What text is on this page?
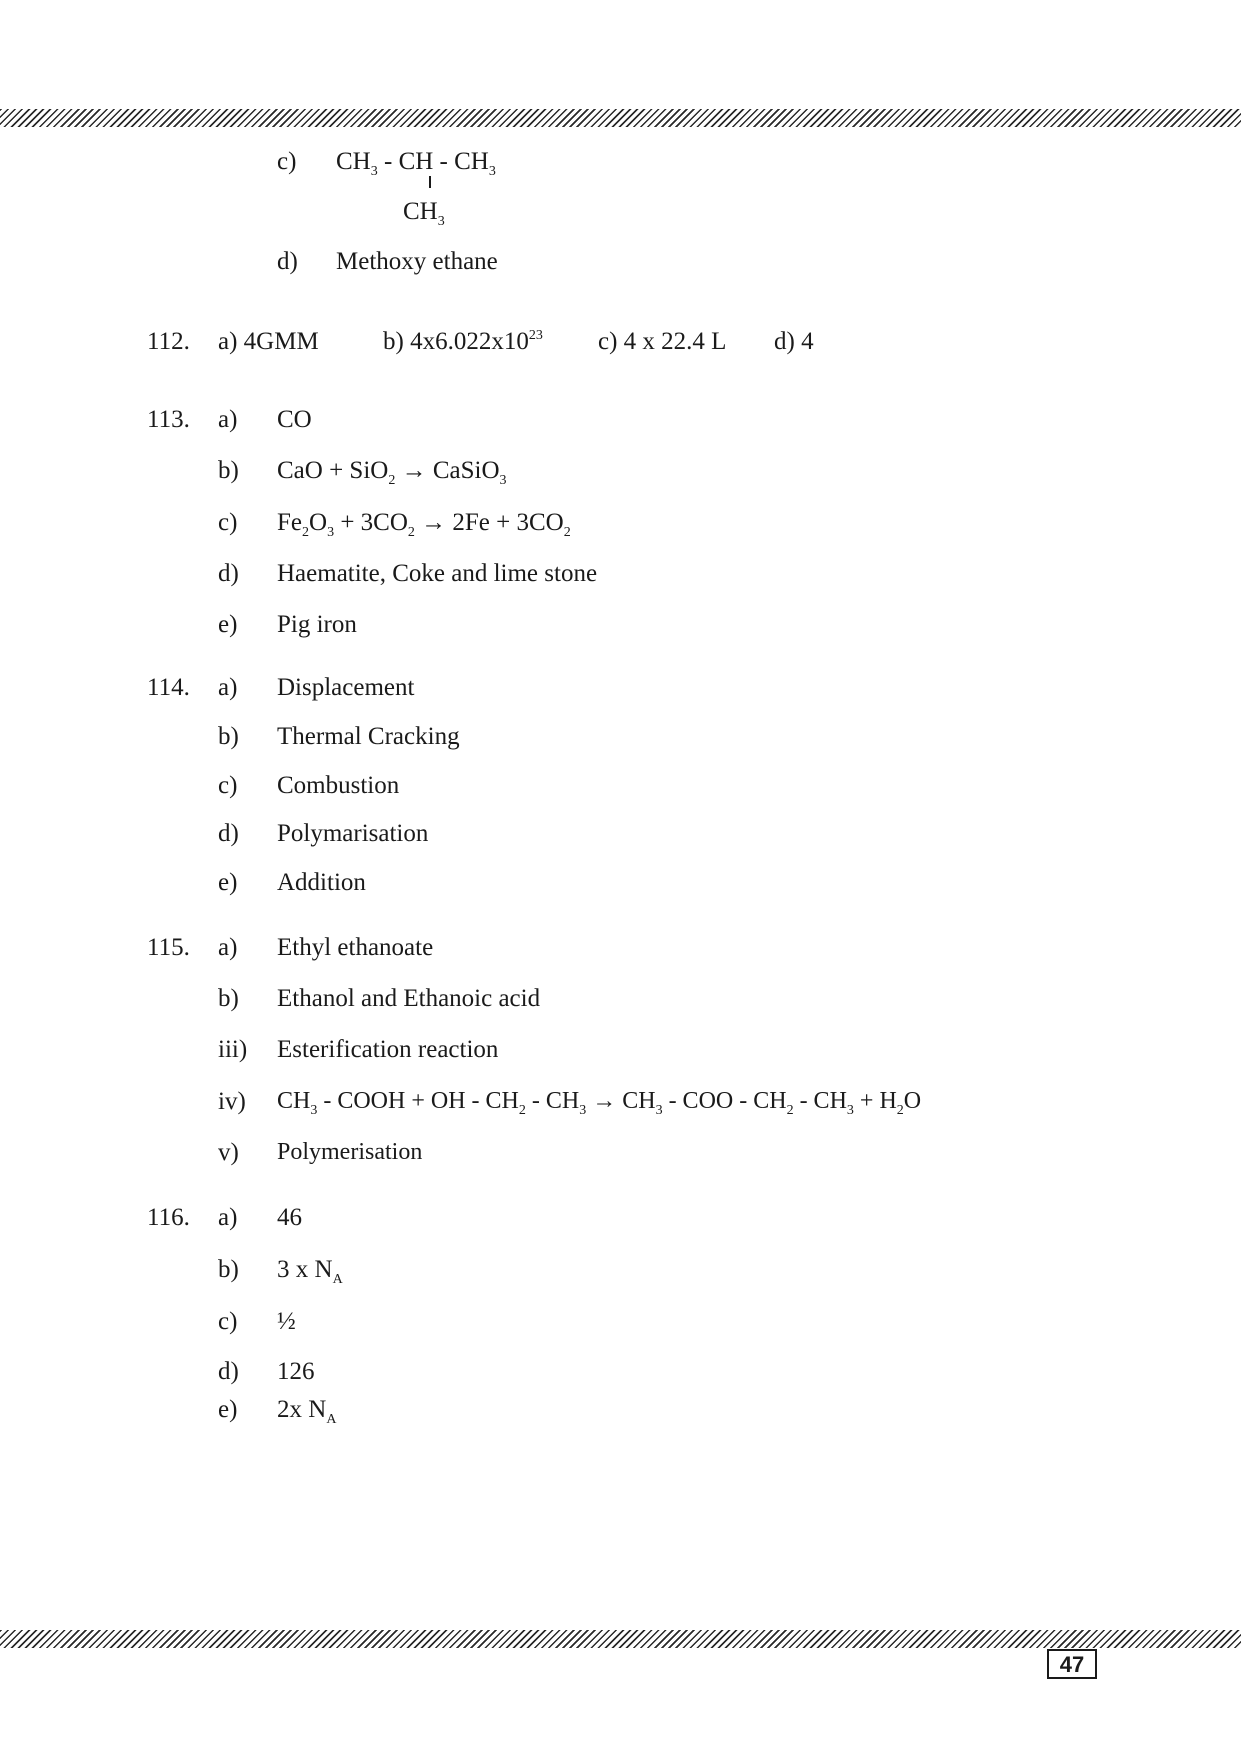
c) $CH_3$ - CH - $CH_3$
$CH_3$
d) Methoxy ethane
112. a) 4GMM	b) $4x6.022x10^{23}$ c) 4 x 22.4 L d) 4
113. a) CO
b) CaO + SiO$_2$ → CaSiO$_3$
c) $Fe_2O_3 + 3CO_2 \to 2Fe + 3CO_2$
d) Haematite, Coke and lime stone
e) Pig iron
114. a) Displacement
b) Thermal Cracking
c) Combustion
d) Polymarisation
e) Addition
115. a) Ethyl ethanoate
b) Ethanol and Ethanoic acid
iii) Esterification reaction
iv) $CH_3$ - COOH + OH - $CH_2 - CH_3 \to CH_3$ - COO - $CH_2 - CH_3 + H_2O$
v) Polymerisation
116. a) 46
b) 3 x $N_A$
c) ½
d) 126
e) 2x $N_A$
47
